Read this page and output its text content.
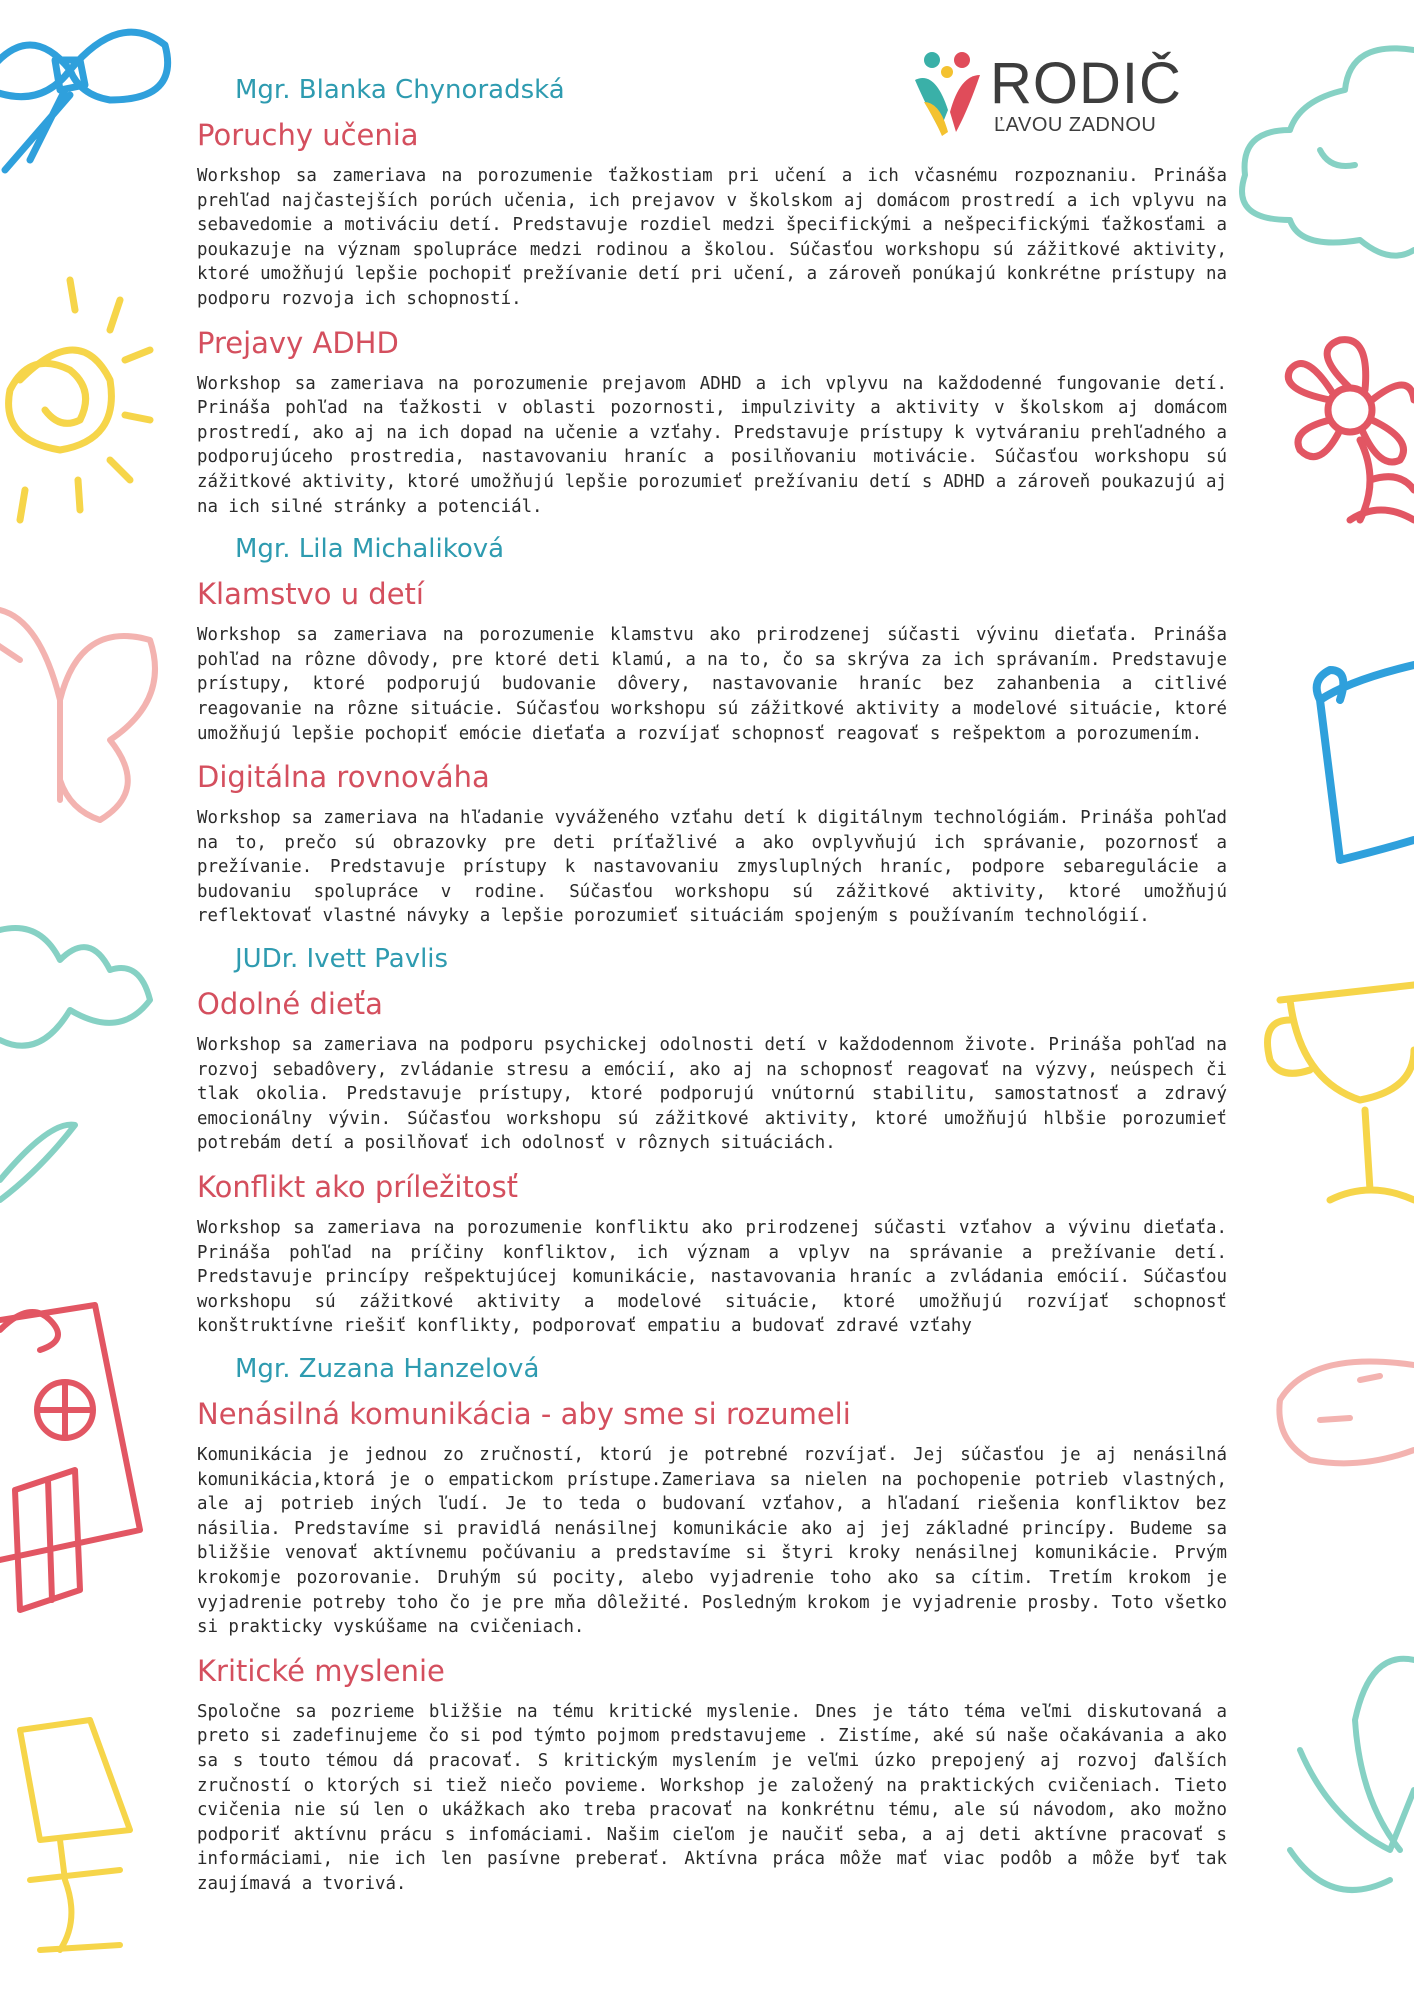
RODIČ
ĽAVOU ZADNOU
Mgr. Blanka Chynoradská
Poruchy učenia

Workshop sa zameriava na porozumenie ťažkostiam pri učení a ich včasnému rozpoznaniu. Prináša prehľad najčastejších porúch učenia, ich prejavov v školskom aj domácom prostredí a ich vplyvu na sebavedomie a motiváciu detí. Predstavuje rozdiel medzi špecifickými a nešpecifickými ťažkosťami a poukazuje na význam spolupráce medzi rodinou a školou. Súčasťou workshopu sú zážitkové aktivity, ktoré umožňujú lepšie pochopiť prežívanie detí pri učení, a zároveň ponúkajú konkrétne prístupy na podporu rozvoja ich schopností.

Prejavy ADHD

Workshop sa zameriava na porozumenie prejavom ADHD a ich vplyvu na každodenné fungovanie detí. Prináša pohľad na ťažkosti v oblasti pozornosti, impulzivity a aktivity v školskom aj domácom prostredí, ako aj na ich dopad na učenie a vzťahy. Predstavuje prístupy k vytváraniu prehľadného a podporujúceho prostredia, nastavovaniu hraníc a posilňovaniu motivácie. Súčasťou workshopu sú zážitkové aktivity, ktoré umožňujú lepšie porozumieť prežívaniu detí s ADHD a zároveň poukazujú aj na ich silné stránky a potenciál.

Mgr. Lila Michaliková
Klamstvo u detí

Workshop sa zameriava na porozumenie klamstvu ako prirodzenej súčasti vývinu dieťaťa. Prináša pohľad na rôzne dôvody, pre ktoré deti klamú, a na to, čo sa skrýva za ich správaním. Predstavuje prístupy, ktoré podporujú budovanie dôvery, nastavovanie hraníc bez zahanbenia a citlivé reagovanie na rôzne situácie. Súčasťou workshopu sú zážitkové aktivity a modelové situácie, ktoré umožňujú lepšie pochopiť emócie dieťaťa a rozvíjať schopnosť reagovať s rešpektom a porozumením.

Digitálna rovnováha

Workshop sa zameriava na hľadanie vyváženého vzťahu detí k digitálnym technológiám. Prináša pohľad na to, prečo sú obrazovky pre deti príťažlivé a ako ovplyvňujú ich správanie, pozornosť a prežívanie. Predstavuje prístupy k nastavovaniu zmysluplných hraníc, podpore sebaregulácie a budovaniu spolupráce v rodine. Súčasťou workshopu sú zážitkové aktivity, ktoré umožňujú reflektovať vlastné návyky a lepšie porozumieť situáciám spojeným s používaním technológií.

JUDr. Ivett Pavlis
Odolné dieťa

Workshop sa zameriava na podporu psychickej odolnosti detí v každodennom živote. Prináša pohľad na rozvoj sebadôvery, zvládanie stresu a emócií, ako aj na schopnosť reagovať na výzvy, neúspech či tlak okolia. Predstavuje prístupy, ktoré podporujú vnútornú stabilitu, samostatnosť a zdravý emocionálny vývin. Súčasťou workshopu sú zážitkové aktivity, ktoré umožňujú hlbšie porozumieť potrebám detí a posilňovať ich odolnosť v rôznych situáciách.

Konflikt ako príležitosť

Workshop sa zameriava na porozumenie konfliktu ako prirodzenej súčasti vzťahov a vývinu dieťaťa. Prináša pohľad na príčiny konfliktov, ich význam a vplyv na správanie a prežívanie detí. Predstavuje princípy rešpektujúcej komunikácie, nastavovania hraníc a zvládania emócií. Súčasťou workshopu sú zážitkové aktivity a modelové situácie, ktoré umožňujú rozvíjať schopnosť konštruktívne riešiť konflikty, podporovať empatiu a budovať zdravé vzťahy

Mgr. Zuzana Hanzelová
Nenásilná komunikácia - aby sme si rozumeli

Komunikácia je jednou zo zručností, ktorú je potrebné rozvíjať. Jej súčasťou je aj nenásilná komunikácia,ktorá je o empatickom prístupe.Zameriava sa nielen na pochopenie potrieb vlastných, ale aj potrieb iných ľudí. Je to teda o budovaní vzťahov, a hľadaní riešenia konfliktov bez násilia. Predstavíme si pravidlá nenásilnej komunikácie ako aj jej základné princípy. Budeme sa bližšie venovať aktívnemu počúvaniu a predstavíme si štyri kroky nenásilnej komunikácie. Prvým krokomje pozorovanie. Druhým sú pocity, alebo vyjadrenie toho ako sa cítim. Tretím krokom je vyjadrenie potreby toho čo je pre mňa dôležité. Posledným krokom je vyjadrenie prosby. Toto všetko si prakticky vyskúšame na cvičeniach.

Kritické myslenie

Spoločne sa pozrieme bližšie na tému kritické myslenie. Dnes je táto téma veľmi diskutovaná a preto si zadefinujeme čo si pod týmto pojmom predstavujeme . Zistíme, aké sú naše očakávania a ako sa s touto témou dá pracovať. S kritickým myslením je veľmi úzko prepojený aj rozvoj ďalších zručností o ktorých si tiež niečo povieme. Workshop je založený na praktických cvičeniach. Tieto cvičenia nie sú len o ukážkach ako treba pracovať na konkrétnu tému, ale sú návodom, ako možno podporiť aktívnu prácu s infomáciami. Našim cieľom je naučiť seba, a aj deti aktívne pracovať s informáciami, nie ich len pasívne preberať. Aktívna práca môže mať viac podôb a môže byť tak zaujímavá a tvorivá.
